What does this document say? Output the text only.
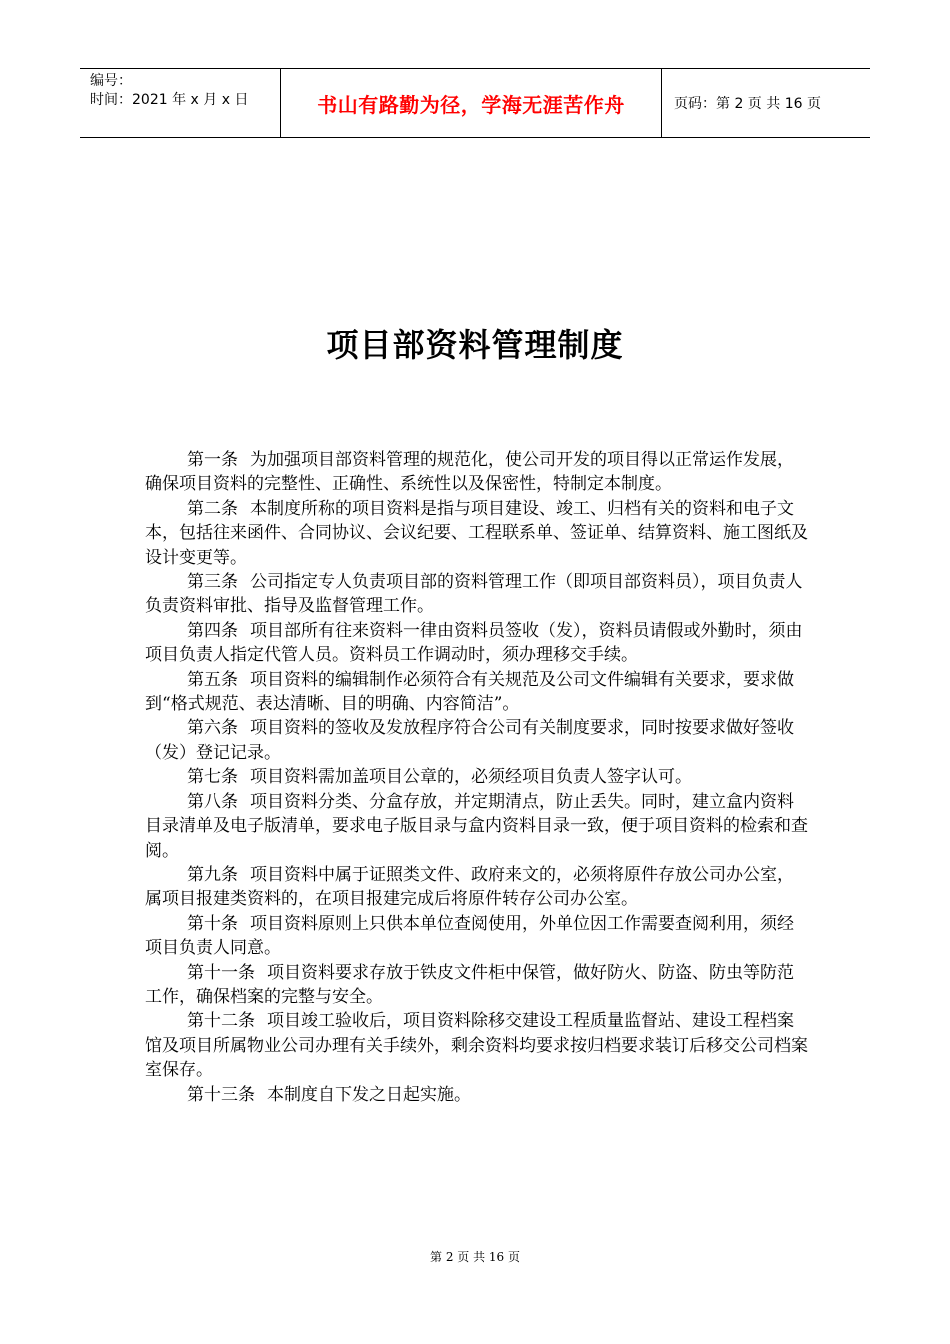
编号：
时间：2021 年 x 月 x 日	书山有路勤为径，学海无涯苦作舟	页码：第 2 页 共 16 页
项目部资料管理制度

第一条 为加强项目部资料管理的规范化，使公司开发的项目得以正常运作发展，确保项目资料的完整性、正确性、系统性以及保密性，特制定本制度。

第二条 本制度所称的项目资料是指与项目建设、竣工、归档有关的资料和电子文本，包括往来函件、合同协议、会议纪要、工程联系单、签证单、结算资料、施工图纸及设计变更等。

第三条 公司指定专人负责项目部的资料管理工作（即项目部资料员），项目负责人负责资料审批、指导及监督管理工作。

第四条 项目部所有往来资料一律由资料员签收（发），资料员请假或外勤时，须由项目负责人指定代管人员。资料员工作调动时，须办理移交手续。

第五条 项目资料的编辑制作必须符合有关规范及公司文件编辑有关要求，要求做到“格式规范、表达清晰、目的明确、内容简洁”。

第六条 项目资料的签收及发放程序符合公司有关制度要求，同时按要求做好签收（发）登记记录。

第七条 项目资料需加盖项目公章的，必须经项目负责人签字认可。

第八条 项目资料分类、分盒存放，并定期清点，防止丢失。同时，建立盒内资料目录清单及电子版清单，要求电子版目录与盒内资料目录一致，便于项目资料的检索和查阅。

第九条 项目资料中属于证照类文件、政府来文的，必须将原件存放公司办公室，属项目报建类资料的，在项目报建完成后将原件转存公司办公室。

第十条 项目资料原则上只供本单位查阅使用，外单位因工作需要查阅利用，须经项目负责人同意。

第十一条 项目资料要求存放于铁皮文件柜中保管，做好防火、防盗、防虫等防范工作，确保档案的完整与安全。

第十二条 项目竣工验收后，项目资料除移交建设工程质量监督站、建设工程档案馆及项目所属物业公司办理有关手续外，剩余资料均要求按归档要求装订后移交公司档案室保存。

第十三条 本制度自下发之日起实施。

第 2 页 共 16 页
